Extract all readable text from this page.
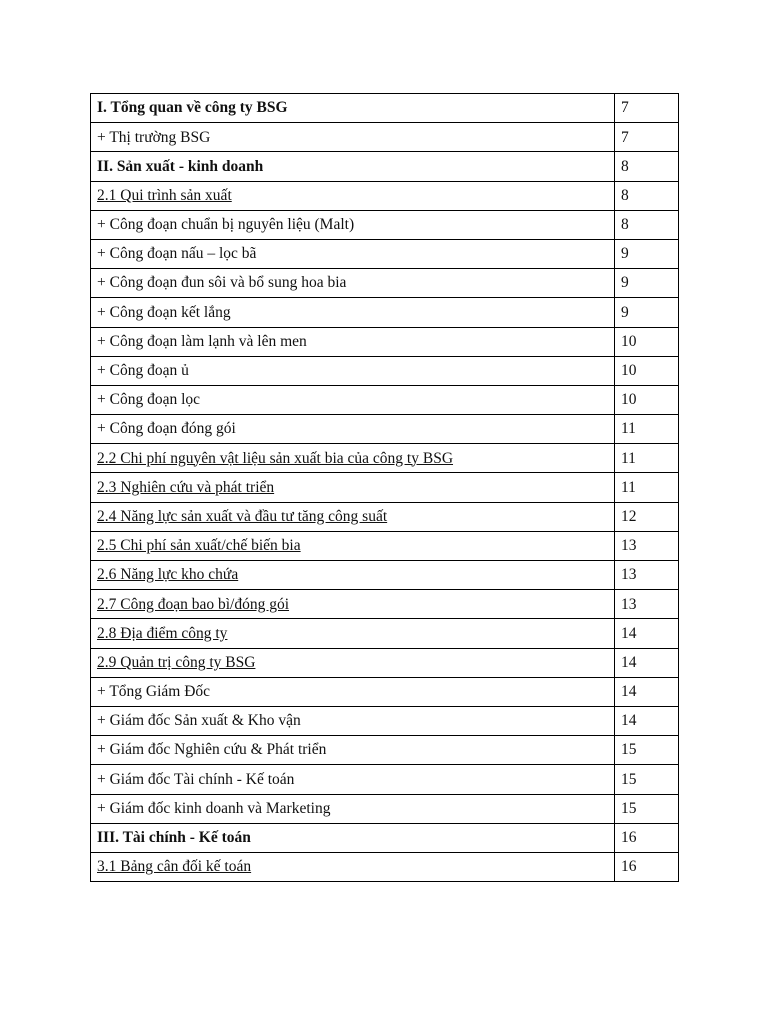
I. Tổng quan về công ty BSG	7
+ Thị trường BSG	7
II. Sản xuất - kinh doanh	8
2.1 Qui trình sản xuất	8
+ Công đoạn chuẩn bị nguyên liệu (Malt)	8
+ Công đoạn nấu – lọc bã	9
+ Công đoạn đun sôi và bổ sung hoa bia	9
+ Công đoạn kết lắng	9
+ Công đoạn làm lạnh và lên men	10
+ Công đoạn ủ	10
+ Công đoạn lọc	10
+ Công đoạn đóng gói	11
2.2 Chi phí nguyên vật liệu sản xuất bia của công ty BSG	11
2.3 Nghiên cứu và phát triển	11
2.4 Năng lực sản xuất và đầu tư tăng công suất	12
2.5 Chi phí sản xuất/chế biến bia	13
2.6 Năng lực kho chứa	13
2.7 Công đoạn bao bì/đóng gói	13
2.8 Địa điểm công ty	14
2.9 Quản trị công ty BSG	14
+ Tổng Giám Đốc	14
+ Giám đốc Sản xuất & Kho vận	14
+ Giám đốc Nghiên cứu & Phát triển	15
+ Giám đốc Tài chính - Kế toán	15
+ Giám đốc kinh doanh và Marketing	15
III. Tài chính - Kế toán	16
3.1 Bảng cân đối kế toán	16
